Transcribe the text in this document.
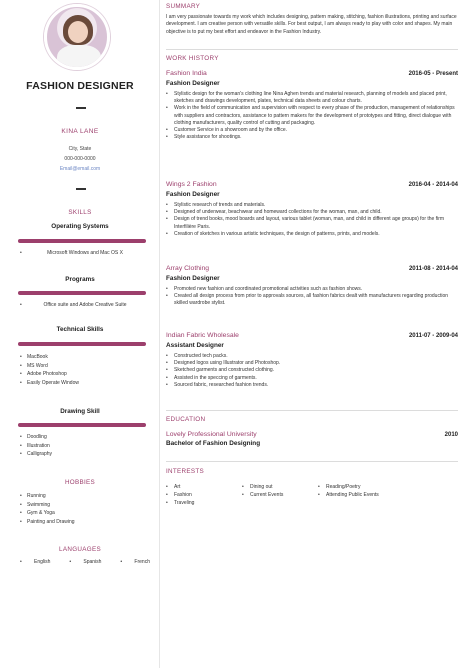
FASHION DESIGNER
KINA LANE
City, State
000-000-0000
Email@email.com
SKILLS
Operating Systems
• Microsoft Windows and Mac OS X
Programs
• Office suite and Adobe Creative Suite
Technical Skills
• MacBook
• MS Word
• Adobe Photoshop
• Easily Operate Window
Drawing Skill
• Doodling
• Illustration
• Calligraphy
HOBBIES
• Running
• Swimming
• Gym & Yoga
• Painting and Drawing
LANGUAGES
• English	• Spanish	• French
SUMMARY
I am very passionate towards my work which includes designing, pattern making, stitching, fashion illustrations, printing and surface development. I am creative person with versatile skills. For best output, I am always ready to play with color and shapes. My main objective is to put my best effort and endeavor in the Fashion Industry.
WORK HISTORY
Fashion India	2016-05 - Present
Fashion Designer
• Stylistic design for the woman's clothing line Nina Aghen trends and material research, planning of models and placed print, sketches and drawings development, plates, technical data sheets and colour charts.
• Work in the field of communication and supervision with respect to every phase of the production, management of relationships with suppliers and contractors, assistance to pattern makers for the development of prototypes and fitting, direct dialogue with clothing manufacturers, quality control of cutting and packaging.
• Customer Service in a showroom and by the office.
• Style assistance for shootings.
Wings 2 Fashion	2016-04 - 2014-04
Fashion Designer
• Stylistic research of trends and materials.
• Designed of underwear, beachwear and homeward collections for the woman, man, and child.
• Design of trend books, mood boards and layout, various tablet (woman, man, and child in different age groups) for the firm Interfilière Paris.
• Creation of sketches in various artistic techniques, the design of patterns, prints, and models.
Array Clothing	2011-08 - 2014-04
Fashion Designer
• Promoted new fashion and coordinated promotional activities such as fashion shows.
• Created all design process from prior to approvals sources, all fashion fabrics dealt with manufacturers regarding production skilled wardrobe stylist.
Indian Fabric Wholesale	2011-07 - 2009-04
Assistant Designer
• Constructed tech packs.
• Designed logos using Illustrator and Photoshop.
• Sketched garments and constructed clothing.
• Assisted in the speccing of garments.
• Sourced fabric, researched fashion trends.
EDUCATION
Lovely Professional University	2010
Bachelor of Fashion Designing
INTERESTS
• Art
• Fashion
• Traveling
• Dining out
• Current Events
• Reading/Poetry
• Attending Public Events
